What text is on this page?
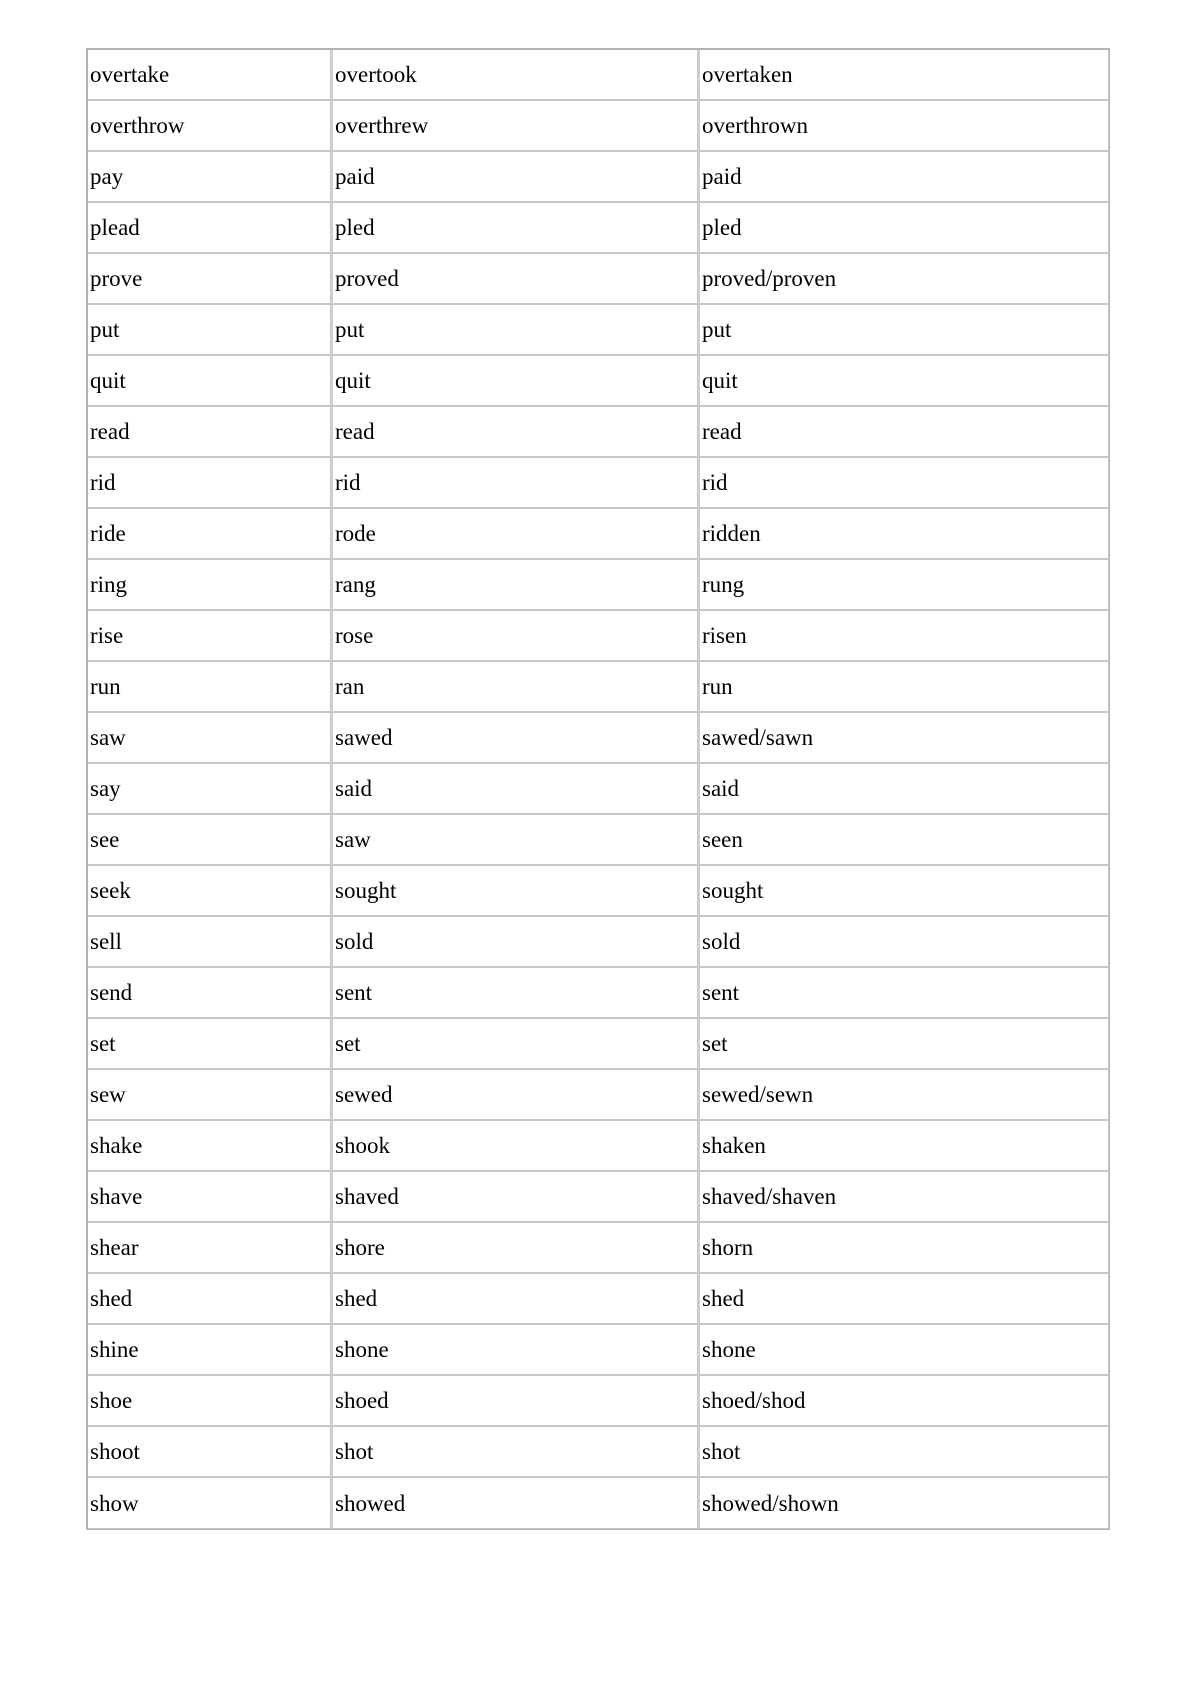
overtake	overtook	overtaken
overthrow	overthrew	overthrown
pay	paid	paid
plead	pled	pled
prove	proved	proved/proven
put	put	put
quit	quit	quit
read	read	read
rid	rid	rid
ride	rode	ridden
ring	rang	rung
rise	rose	risen
run	ran	run
saw	sawed	sawed/sawn
say	said	said
see	saw	seen
seek	sought	sought
sell	sold	sold
send	sent	sent
set	set	set
sew	sewed	sewed/sewn
shake	shook	shaken
shave	shaved	shaved/shaven
shear	shore	shorn
shed	shed	shed
shine	shone	shone
shoe	shoed	shoed/shod
shoot	shot	shot
show	showed	showed/shown
